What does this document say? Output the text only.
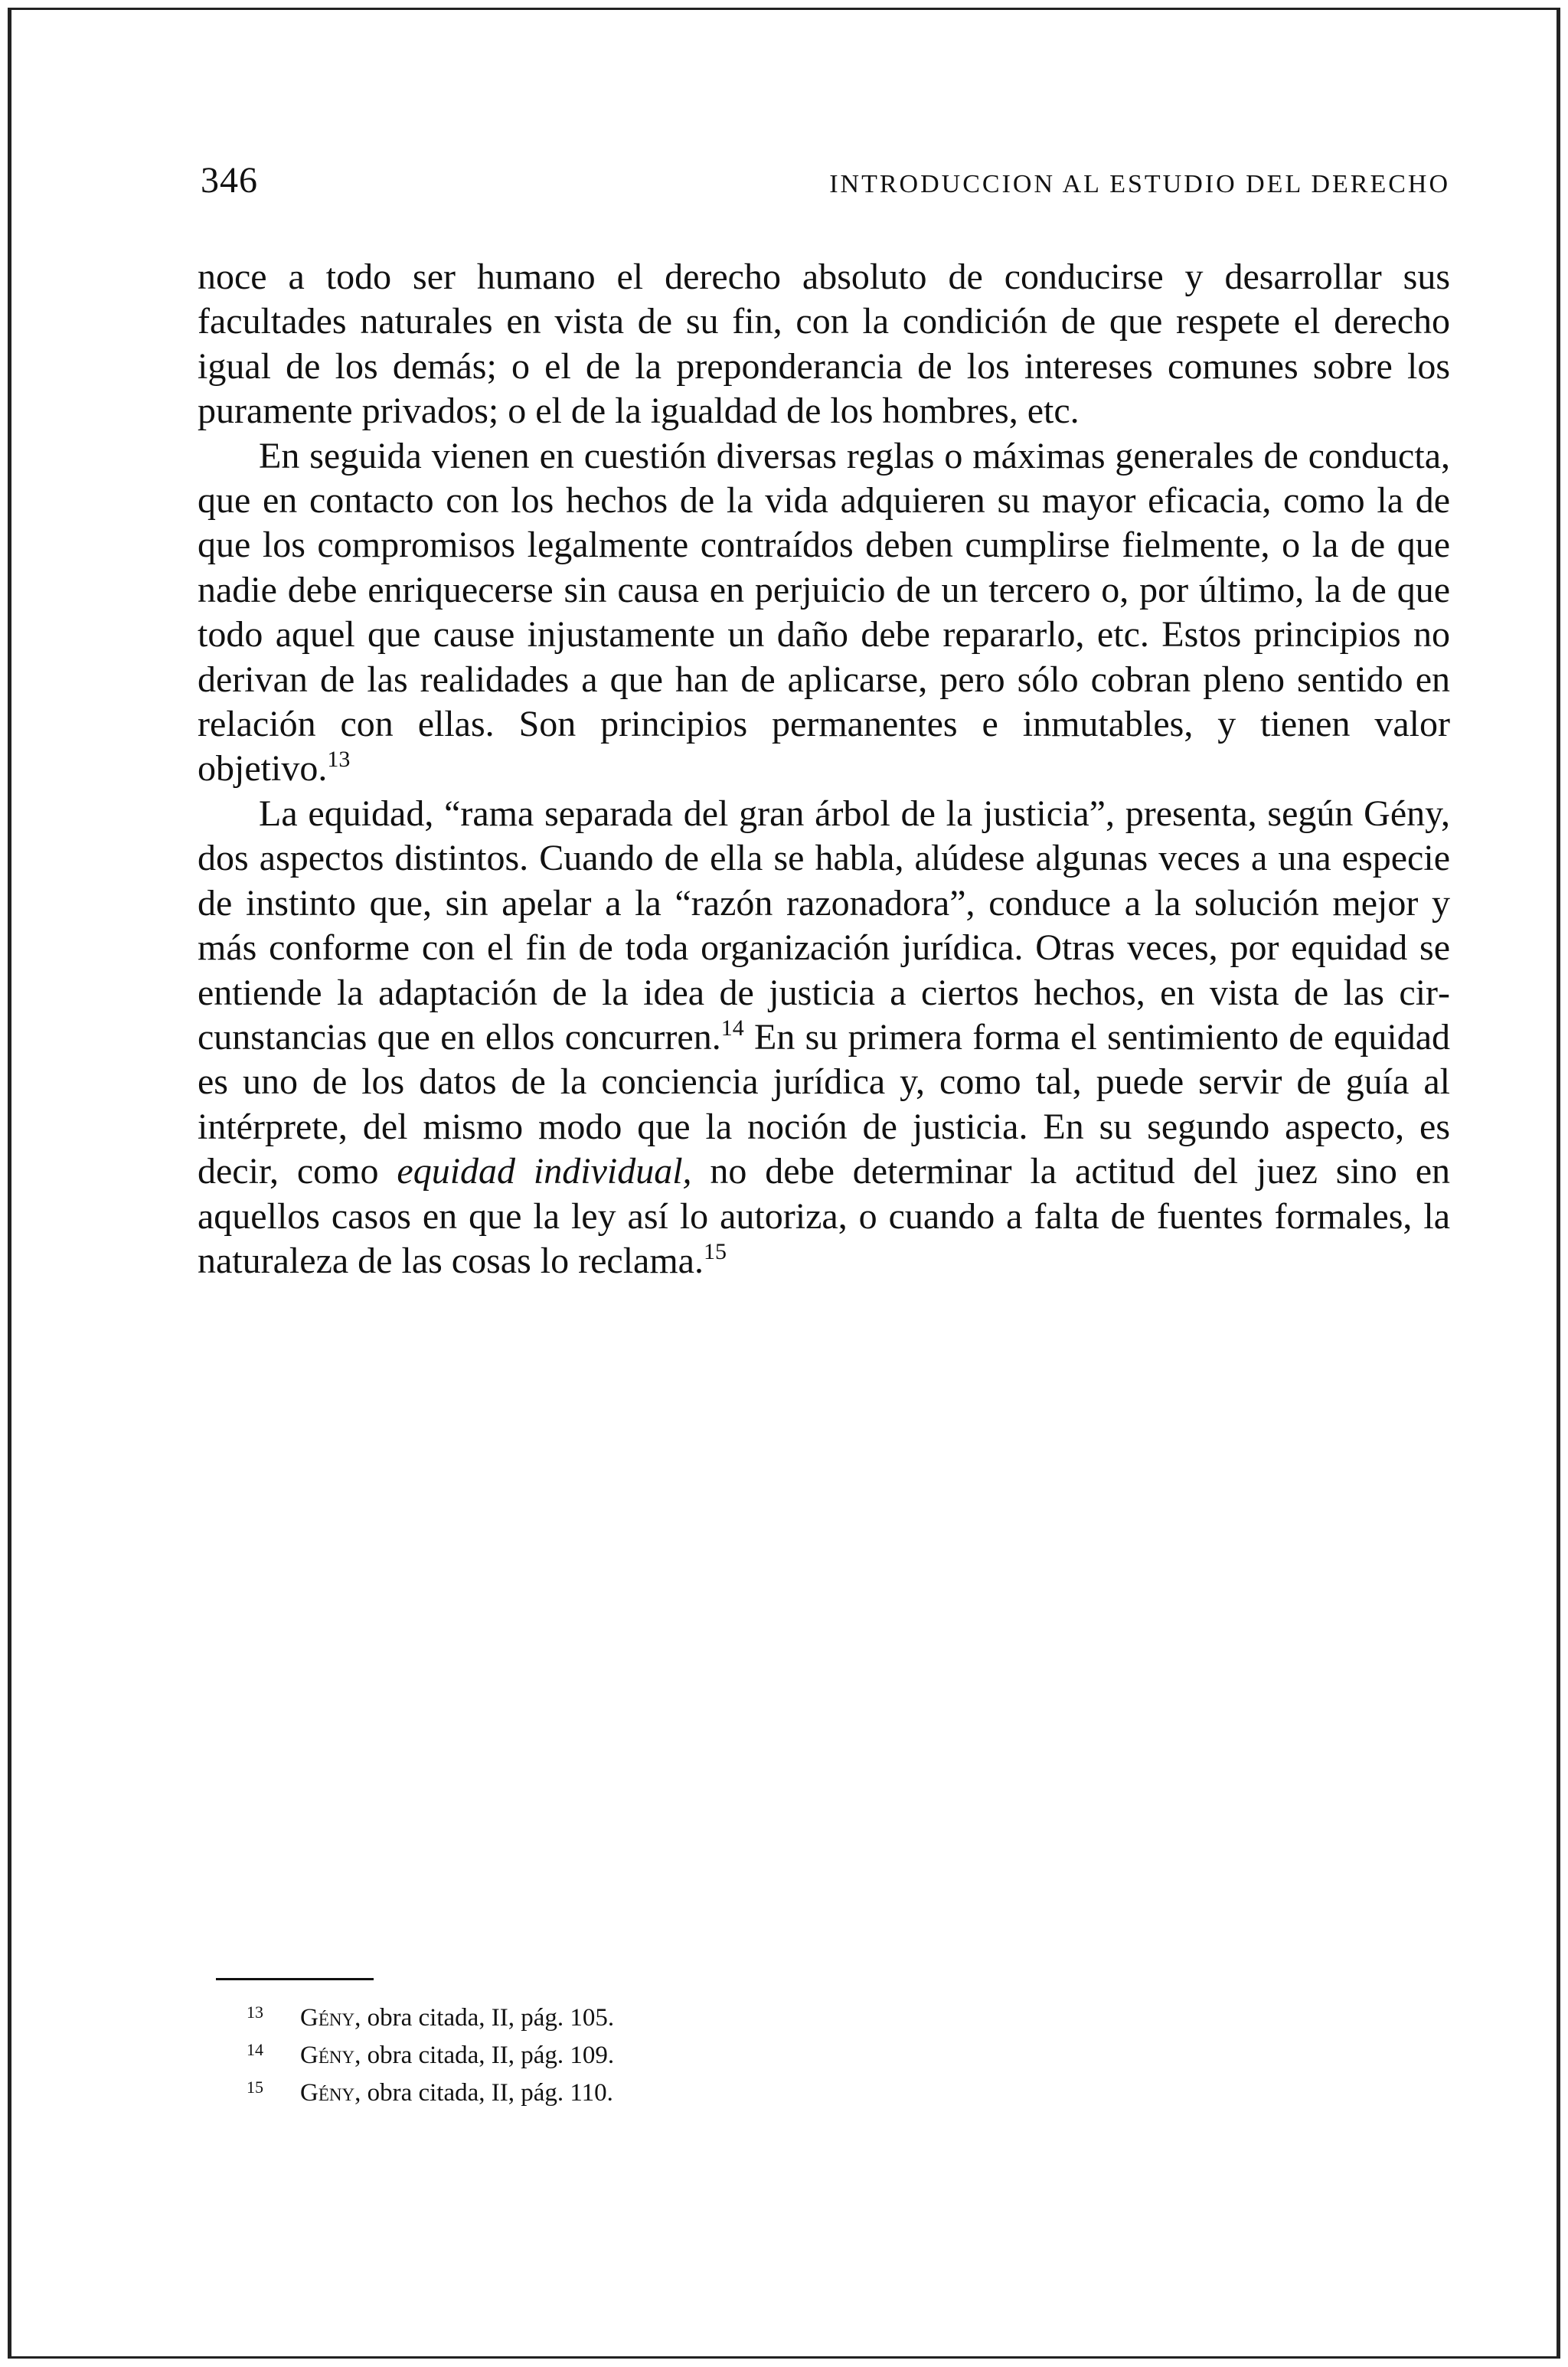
346	INTRODUCCION AL ESTUDIO DEL DERECHO

noce a todo ser humano el derecho absoluto de conducirse y desarrollar sus facultades naturales en vista de su fin, con la condición de que respete el derecho igual de los demás; o el de la preponderancia de los intereses comunes sobre los puramente privados; o el de la igualdad de los hombres, etc.

En seguida vienen en cuestión diversas reglas o máximas generales de conducta, que en contacto con los hechos de la vida adquieren su mayor eficacia, como la de que los compromisos legalmente contraídos deben cumplirse fielmente, o la de que nadie debe enriquecerse sin causa en perjuicio de un tercero o, por último, la de que todo aquel que cause injustamente un daño debe repararlo, etc. Estos principios no derivan de las realidades a que han de aplicarse, pero sólo cobran pleno sentido en relación con ellas. Son principios permanentes e inmutables, y tienen valor objetivo.$^{13}$

La equidad, “rama separada del gran árbol de la justicia”, presenta, según Gény, dos aspectos distintos. Cuando de ella se habla, alúdese algunas veces a una especie de instinto que, sin apelar a la “razón razonadora”, conduce a la solución mejor y más conforme con el fin de toda organización jurídica. Otras veces, por equidad se entiende la adaptación de la idea de justicia a ciertos hechos, en vista de las circunstancias que en ellos concurren.$^{14}$ En su primera forma el sentimiento de equidad es uno de los datos de la conciencia jurídica y, como tal, puede servir de guía al intérprete, del mismo modo que la noción de justicia. En su segundo aspecto, es decir, como equidad individual, no debe determinar la actitud del juez sino en aquellos casos en que la ley así lo autoriza, o cuando a falta de fuentes formales, la naturaleza de las cosas lo reclama.$^{15}$

13 Gény, obra citada, II, pág. 105.
14 Gény, obra citada, II, pág. 109.
15 Gény, obra citada, II, pág. 110.
